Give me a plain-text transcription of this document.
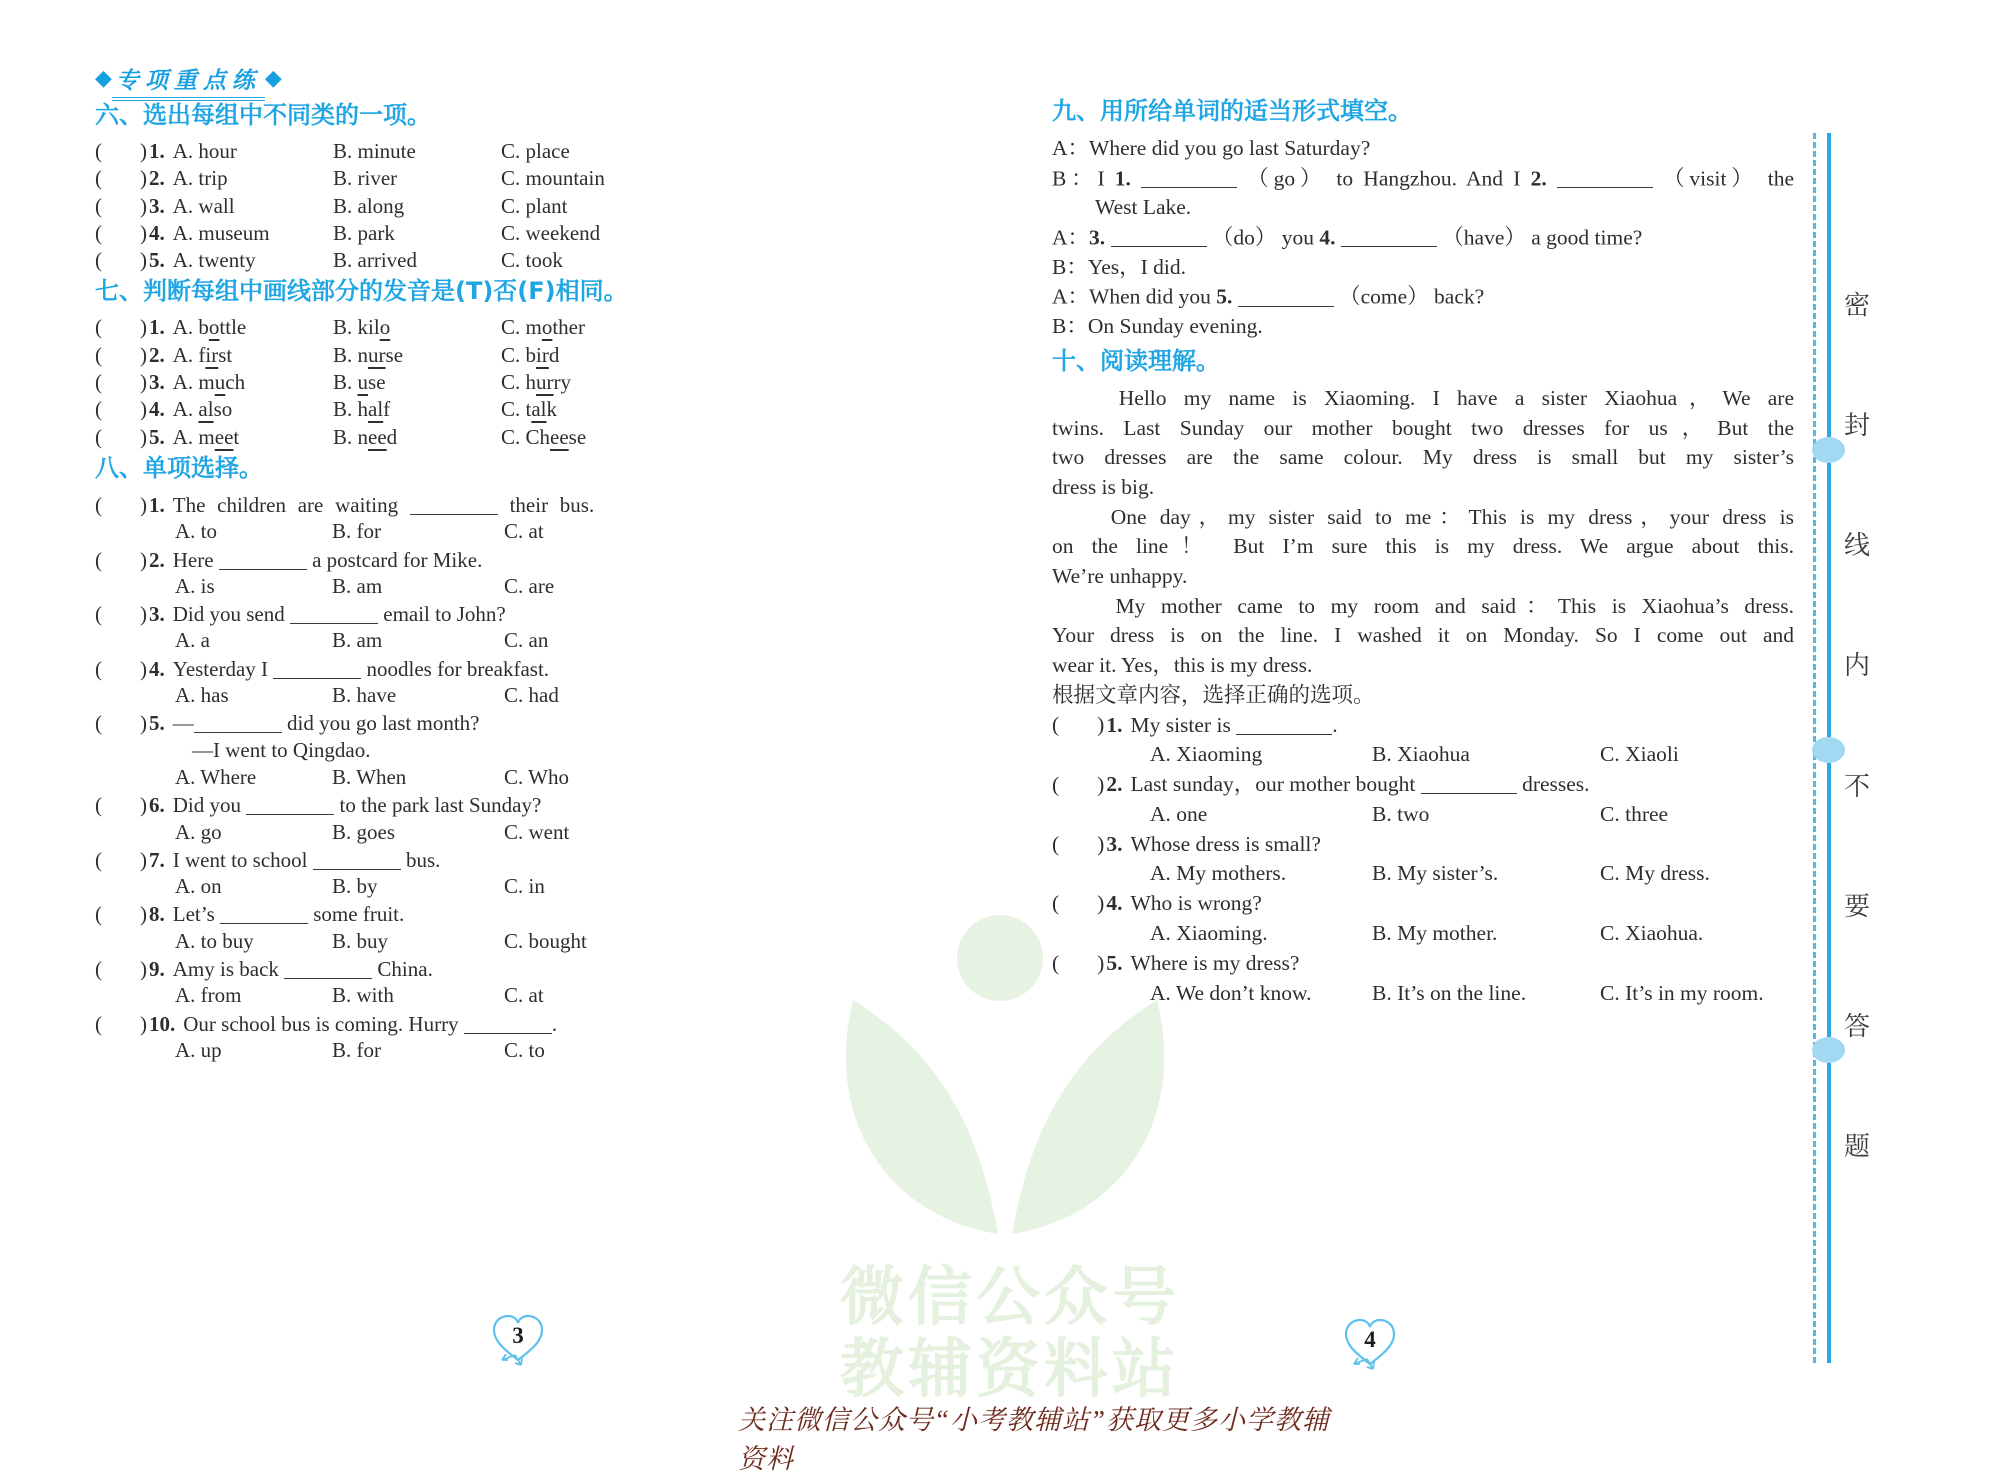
微信公众号
教辅资料站
◆ 专项重点练 ◆
六、选出每组中不同类的一项。
( )1. A. hour	B. minute	C. place
( )2. A. trip	B. river	C. mountain
( )3. A. wall	B. along	C. plant
( )4. A. museum	B. park	C. weekend
( )5. A. twenty	B. arrived	C. took
七、判断每组中画线部分的发音是(T)否(F)相同。
( )1. A. bottle	B. kilo	C. mother
( )2. A. first	B. nurse	C. bird
( )3. A. much	B. use	C. hurry
( )4. A. also	B. half	C. talk
( )5. A. meet	B. need	C. Cheese
八、单项选择。
( )1. The children are waiting	their bus.
A. to	B. for	C. at
( )2. Here	a postcard for Mike.
A. is	B. am	C. are
( )3. Did you send	email to John?
A. a	B. am	C. an
( )4. Yesterday I	noodles for breakfast.
A. has	B. have	C. had
( )5. —	did you go last month?
—I went to Qingdao.
A. Where	B. When	C. Who
( )6. Did you	to the park last Sunday?
A. go	B. goes	C. went
( )7. I went to school	bus.
A. on	B. by	C. in
( )8. Let’s	some fruit.
A. to buy	B. buy	C. bought
( )9. Amy is back	China.
A. from	B. with	C. at
( )10. Our school bus is coming. Hurry	.
A. up	B. for	C. to
九、用所给单词的适当形式填空。
A：Where did you go last Saturday?
B：I 1.	（go） to Hangzhou. And I 2.	（visit） the
　　West Lake.
A：3.	（do） you 4.	（have） a good time?
B：Yes，I did.
A：When did you 5.	（come） back?
B：On Sunday evening.
十、阅读理解。
　　Hello my name is Xiaoming. I have a sister Xiaohua，We are
twins. Last Sunday our mother bought two dresses for us，But the
two dresses are the same colour. My dress is small but my sister’s
dress is big.
　　One day，my sister said to me：This is my dress，your dress is
on the line！ But I’m sure this is my dress. We argue about this.
We’re unhappy.
　　My mother came to my room and said：This is Xiaohua’s dress.
Your dress is on the line. I washed it on Monday. So I come out and
wear it. Yes，this is my dress.
根据文章内容，选择正确的选项。
( )1. My sister is	.
A. Xiaoming	B. Xiaohua	C. Xiaoli
( )2. Last sunday，our mother bought	dresses.
A. one	B. two	C. three
( )3. Whose dress is small?
A. My mothers.	B. My sister’s.	C. My dress.
( )4. Who is wrong?
A. Xiaoming.	B. My mother.	C. Xiaohua.
( )5. Where is my dress?
A. We don’t know.	B. It’s on the line.	C. It’s in my room.
密
封
线
内
不
要
答
题
3	4
关注微信公众号“小考教辅站”获取更多小学教辅资料
